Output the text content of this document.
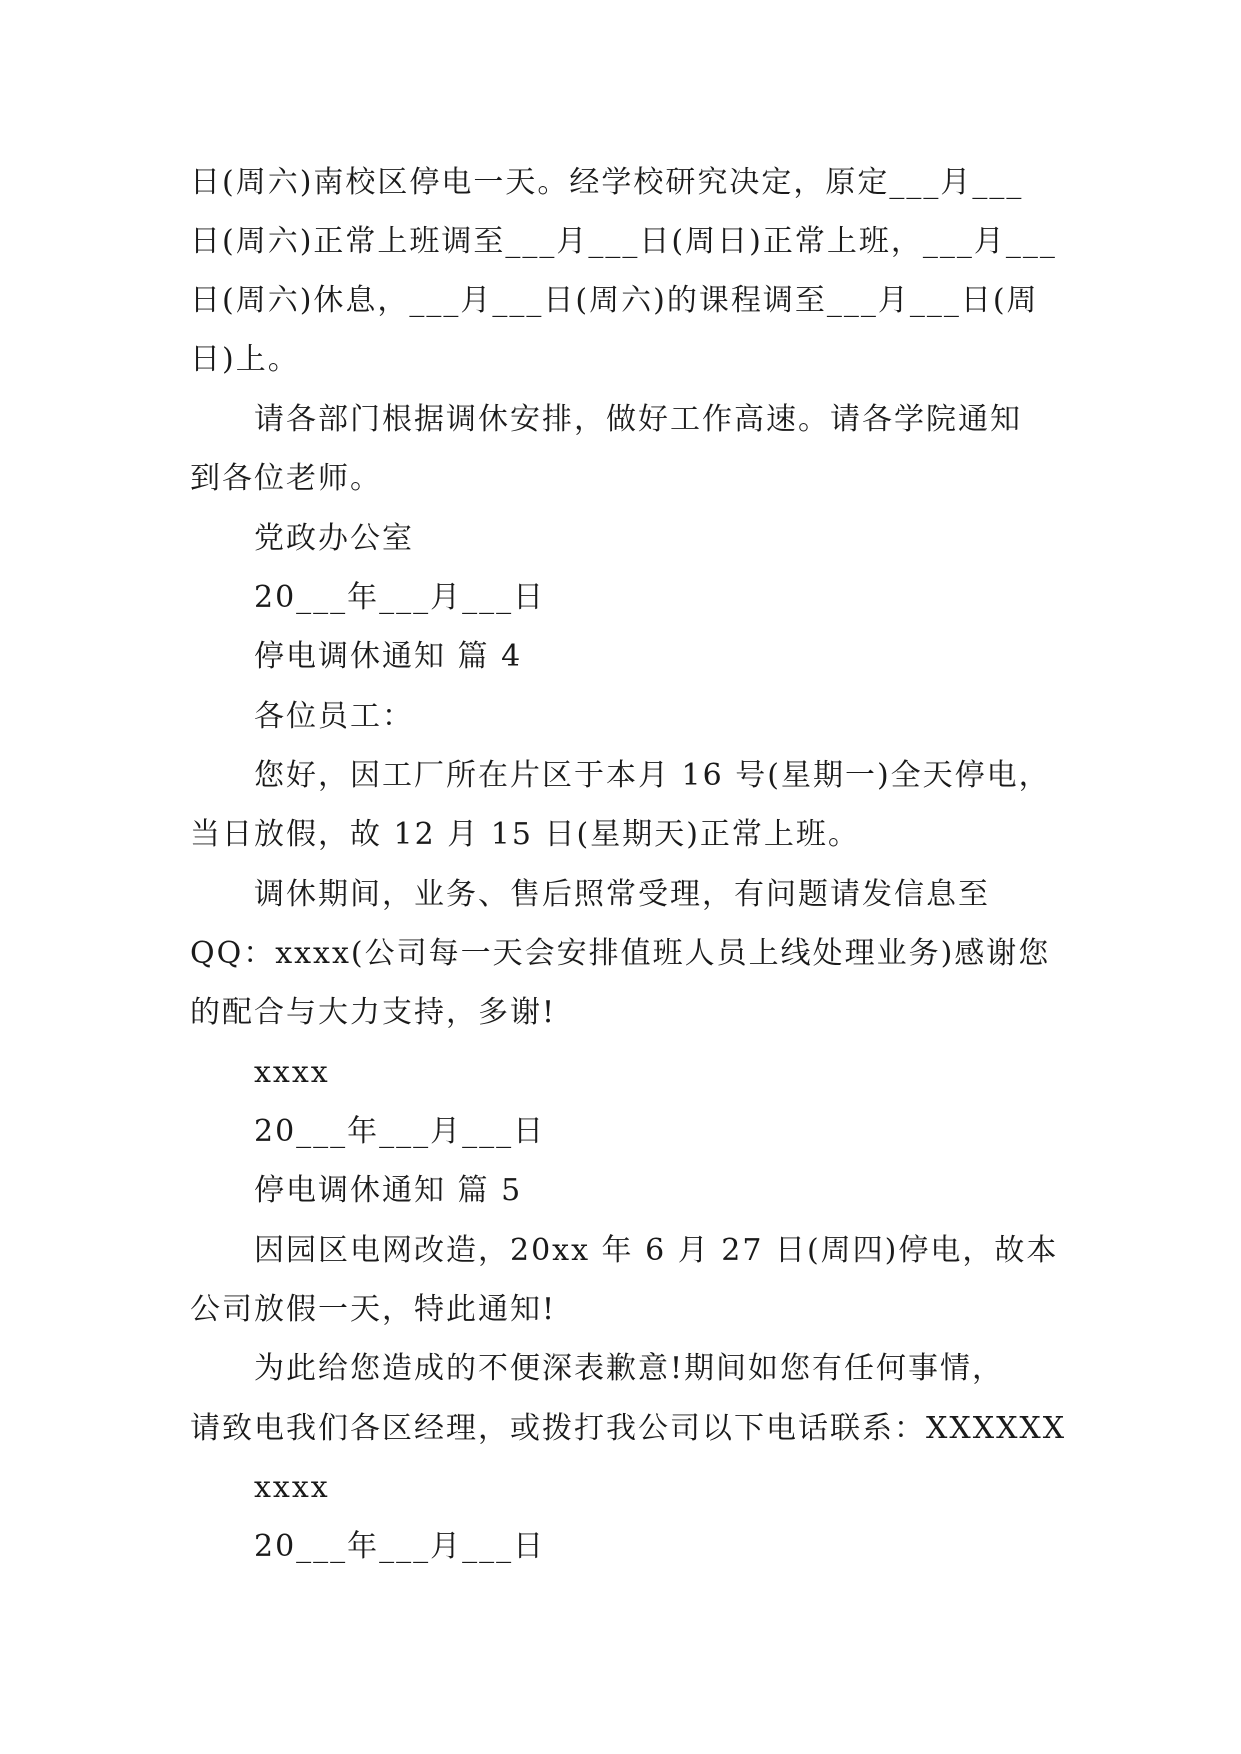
日(周六)南校区停电一天。经学校研究决定，原定___月___
日(周六)正常上班调至___月___日(周日)正常上班，___月___
日(周六)休息，___月___日(周六)的课程调至___月___日(周
日)上。
请各部门根据调休安排，做好工作高速。请各学院通知
到各位老师。
党政办公室
20___年___月___日
停电调休通知 篇 4
各位员工：
您好，因工厂所在片区于本月 16 号(星期一)全天停电，
当日放假，故 12 月 15 日(星期天)正常上班。
调休期间，业务、售后照常受理，有问题请发信息至
QQ：xxxx(公司每一天会安排值班人员上线处理业务)感谢您
的配合与大力支持，多谢!
xxxx
20___年___月___日
停电调休通知 篇 5
因园区电网改造，20xx 年 6 月 27 日(周四)停电，故本
公司放假一天，特此通知!
为此给您造成的不便深表歉意!期间如您有任何事情，
请致电我们各区经理，或拨打我公司以下电话联系：XXXXXX
xxxx
20___年___月___日
